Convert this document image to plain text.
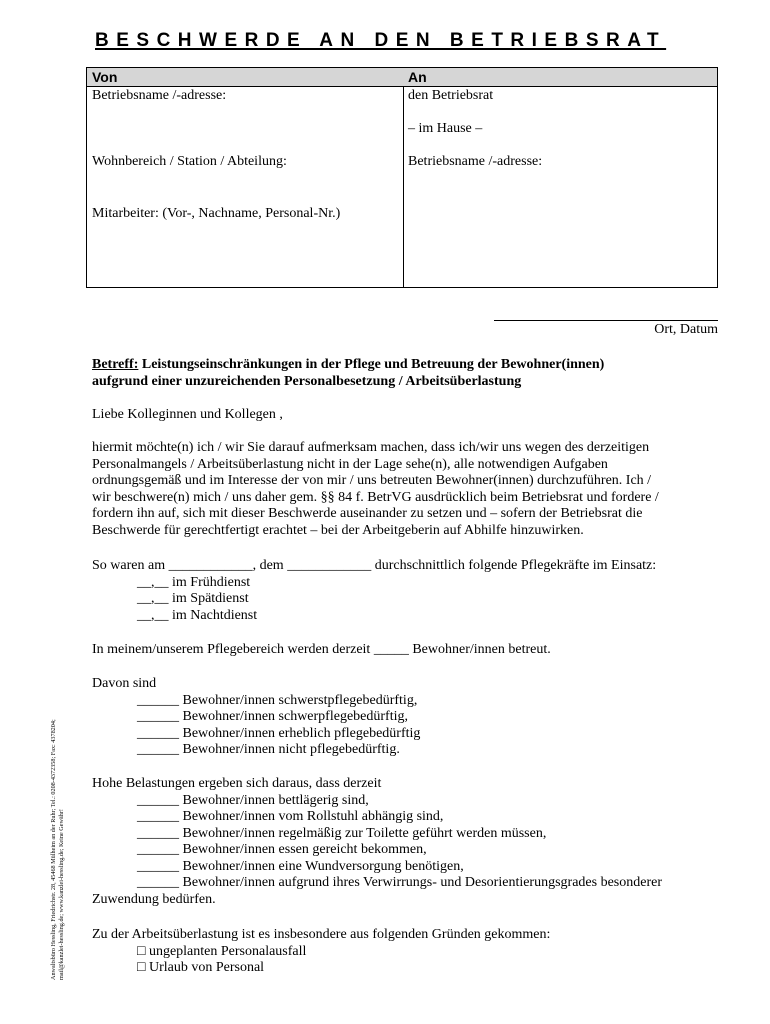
BESCHWERDE AN DEN BETRIEBSRAT
Von
Betriebsname /-adresse:
Wohnbereich / Station / Abteilung:
Mitarbeiter: (Vor-, Nachname, Personal-Nr.)
An
den Betriebsrat
– im Hause –
Betriebsname /-adresse:
Ort, Datum
Betreff: Leistungseinschränkungen in der Pflege und Betreuung der Bewohner(innen)
aufgrund einer unzureichenden Personalbesetzung / Arbeitsüberlastung
Liebe Kolleginnen und Kollegen ,
hiermit möchte(n) ich / wir Sie darauf aufmerksam machen, dass ich/wir uns wegen des derzeitigen
Personalmangels / Arbeitsüberlastung nicht in der Lage sehe(n), alle notwendigen Aufgaben
ordnungsgemäß und im Interesse der von mir / uns betreuten Bewohner(innen) durchzuführen. Ich /
wir beschwere(n) mich / uns daher gem. §§ 84 f. BetrVG ausdrücklich beim Betriebsrat und fordere /
fordern ihn auf, sich mit dieser Beschwerde auseinander zu setzen und – sofern der Betriebsrat die
Beschwerde für gerechtfertigt erachtet – bei der Arbeitgeberin auf Abhilfe hinzuwirken.
So waren am ____________, dem ____________ durchschnittlich folgende Pflegekräfte im Einsatz:
__,__ im Frühdienst
__,__ im Spätdienst
__,__ im Nachtdienst
In meinem/unserem Pflegebereich werden derzeit _____ Bewohner/innen betreut.
Davon sind
______ Bewohner/innen schwerstpflegebedürftig,
______ Bewohner/innen schwerpflegebedürftig,
______ Bewohner/innen erheblich pflegebedürftig
______ Bewohner/innen nicht pflegebedürftig.
Hohe Belastungen ergeben sich daraus, dass derzeit
______ Bewohner/innen bettlägerig sind,
______ Bewohner/innen vom Rollstuhl abhängig sind,
______ Bewohner/innen regelmäßig zur Toilette geführt werden müssen,
______ Bewohner/innen essen gereicht bekommen,
______ Bewohner/innen eine Wundversorgung benötigen,
______ Bewohner/innen aufgrund ihres Verwirrungs- und Desorientierungsgrades besonderer
Zuwendung bedürfen.
Zu der Arbeitsüberlastung ist es insbesondere aus folgenden Gründen gekommen:
□ ungeplanten Personalausfall
□ Urlaub von Personal
Anwaltsbüro Hessling, Friedrichstr. 28, 45468 Mülheim an der Ruhr; Tel.: 0208-4372358; Fax: 4378204; mail@kanzlei-hessling.de; www.kanzlei-hessling.de; Keine Gewähr!
